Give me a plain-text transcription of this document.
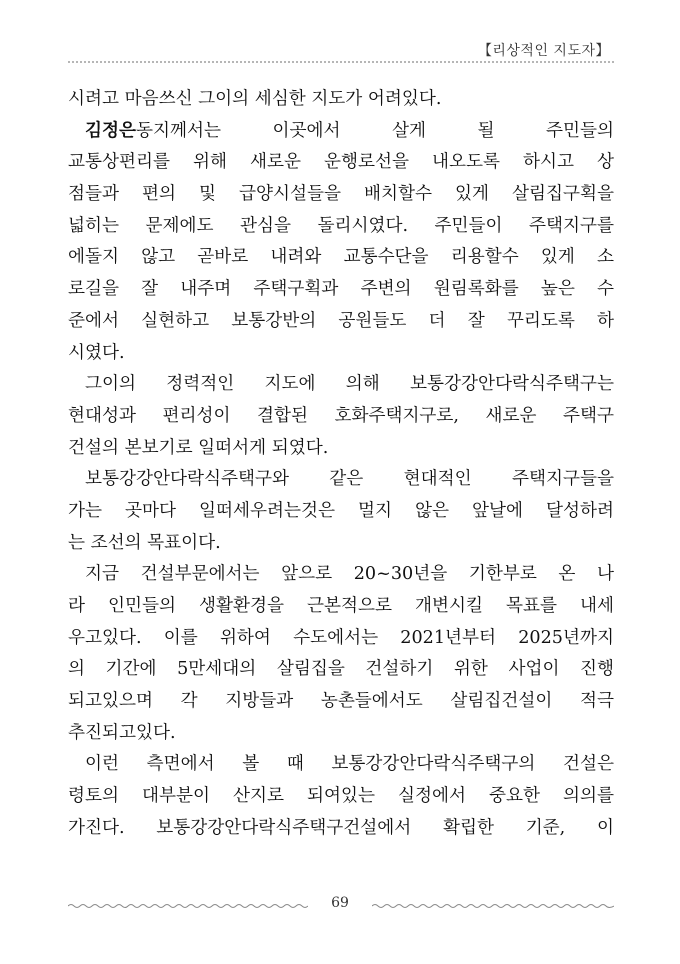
【리상적인 지도자】
시려고 마음쓰신 그이의 세심한 지도가 어려있다.
김정은동지께서는 이곳에서 살게 될 주민들의
교통상편리를 위해 새로운 운행로선을 내오도록 하시고 상
점들과 편의 및 급양시설들을 배치할수 있게 살림집구획을
넓히는 문제에도 관심을 돌리시였다. 주민들이 주택지구를
에돌지 않고 곧바로 내려와 교통수단을 리용할수 있게 소
로길을 잘 내주며 주택구획과 주변의 원림록화를 높은 수
준에서 실현하고 보통강반의 공원들도 더 잘 꾸리도록 하
시였다.
그이의 정력적인 지도에 의해 보통강강안다락식주택구는
현대성과 편리성이 결합된 호화주택지구로, 새로운 주택구
건설의 본보기로 일떠서게 되였다.
보통강강안다락식주택구와 같은 현대적인 주택지구들을
가는 곳마다 일떠세우려는것은 멀지 않은 앞날에 달성하려
는 조선의 목표이다.
지금 건설부문에서는 앞으로 20~30년을 기한부로 온 나
라 인민들의 생활환경을 근본적으로 개변시킬 목표를 내세
우고있다. 이를 위하여 수도에서는 2021년부터 2025년까지
의 기간에 5만세대의 살림집을 건설하기 위한 사업이 진행
되고있으며 각 지방들과 농촌들에서도 살림집건설이 적극
추진되고있다.
이런 측면에서 볼 때 보통강강안다락식주택구의 건설은
령토의 대부분이 산지로 되여있는 실정에서 중요한 의의를
가진다. 보통강강안다락식주택구건설에서 확립한 기준, 이
69
